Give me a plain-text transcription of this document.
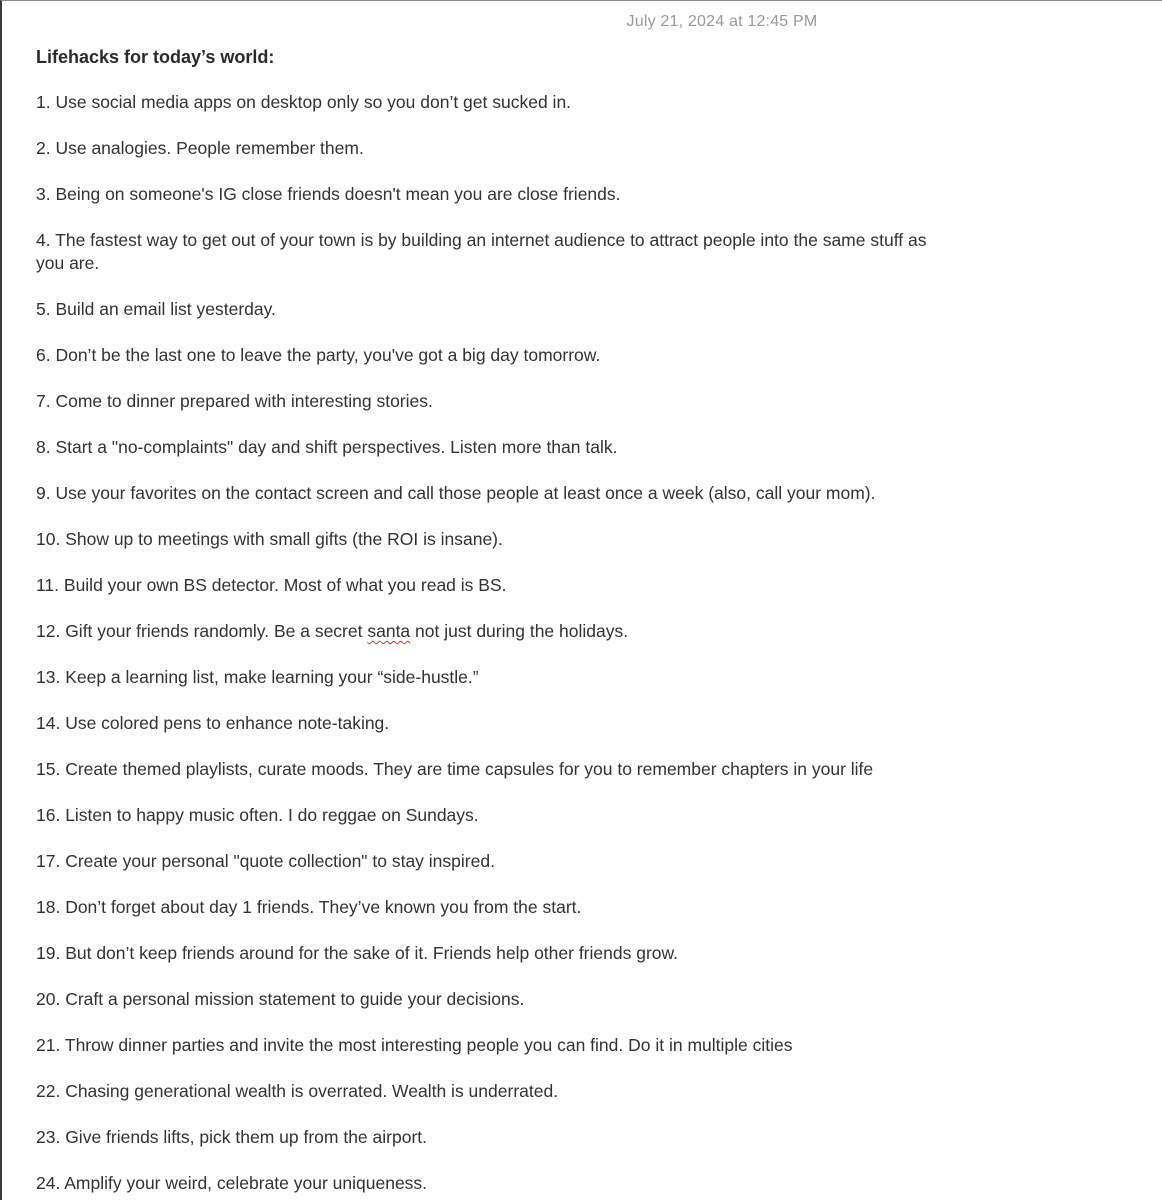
July 21, 2024 at 12:45 PM
Lifehacks for today’s world:
1. Use social media apps on desktop only so you don’t get sucked in.
2. Use analogies. People remember them.
3. Being on someone's IG close friends doesn't mean you are close friends.
4. The fastest way to get out of your town is by building an internet audience to attract people into the same stuff as you are.
5. Build an email list yesterday.
6. Don’t be the last one to leave the party, you've got a big day tomorrow.
7. Come to dinner prepared with interesting stories.
8. Start a "no-complaints" day and shift perspectives. Listen more than talk.
9. Use your favorites on the contact screen and call those people at least once a week (also, call your mom).
10. Show up to meetings with small gifts (the ROI is insane).
11. Build your own BS detector. Most of what you read is BS.
12. Gift your friends randomly. Be a secret santa not just during the holidays.
13. Keep a learning list, make learning your “side-hustle.”
14. Use colored pens to enhance note-taking.
15. Create themed playlists, curate moods. They are time capsules for you to remember chapters in your life
16. Listen to happy music often. I do reggae on Sundays.
17. Create your personal "quote collection" to stay inspired.
18. Don’t forget about day 1 friends. They’ve known you from the start.
19. But don’t keep friends around for the sake of it. Friends help other friends grow.
20. Craft a personal mission statement to guide your decisions.
21. Throw dinner parties and invite the most interesting people you can find. Do it in multiple cities
22. Chasing generational wealth is overrated. Wealth is underrated.
23. Give friends lifts, pick them up from the airport.
24. Amplify your weird, celebrate your uniqueness.
